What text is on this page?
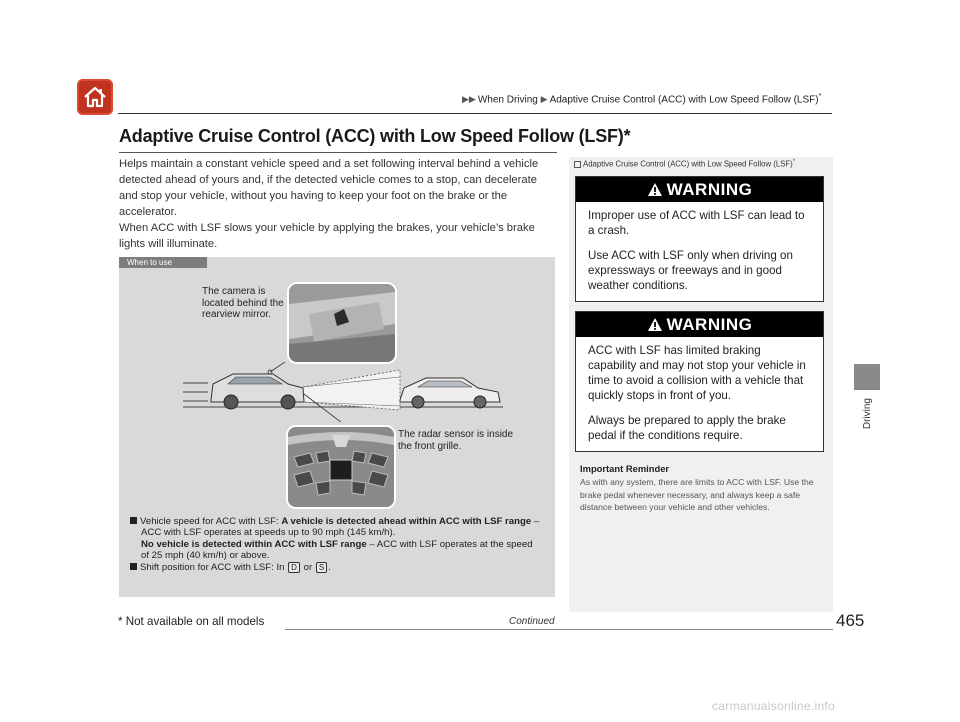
▶▶ When Driving ▶ Adaptive Cruise Control (ACC) with Low Speed Follow (LSF)*
Driving
Adaptive Cruise Control (ACC) with Low Speed Follow (LSF)*

Helps maintain a constant vehicle speed and a set following interval behind a vehicle detected ahead of yours and, if the detected vehicle comes to a stop, can decelerate and stop your vehicle, without you having to keep your foot on the brake or the accelerator.

When ACC with LSF slows your vehicle by applying the brakes, your vehicle’s brake lights will illuminate.

When to use
The camera is located behind the rearview mirror.
The radar sensor is inside the front grille.
Vehicle speed for ACC with LSF: A vehicle is detected ahead within ACC with LSF range – ACC with LSF operates at speeds up to 90 mph (145 km/h).
No vehicle is detected within ACC with LSF range – ACC with LSF operates at the speed of 25 mph (40 km/h) or above.
Shift position for ACC with LSF: In D or S .
Adaptive Cruise Control (ACC) with Low Speed Follow (LSF)*
WARNING

Improper use of ACC with LSF can lead to a crash.

Use ACC with LSF only when driving on expressways or freeways and in good weather conditions.

WARNING

ACC with LSF has limited braking capability and may not stop your vehicle in time to avoid a collision with a vehicle that quickly stops in front of you.

Always be prepared to apply the brake pedal if the conditions require.

Important Reminder
As with any system, there are limits to ACC with LSF. Use the brake pedal whenever necessary, and always keep a safe distance between your vehicle and other vehicles.
* Not available on all models	Continued	465
carmanualsonline.info
